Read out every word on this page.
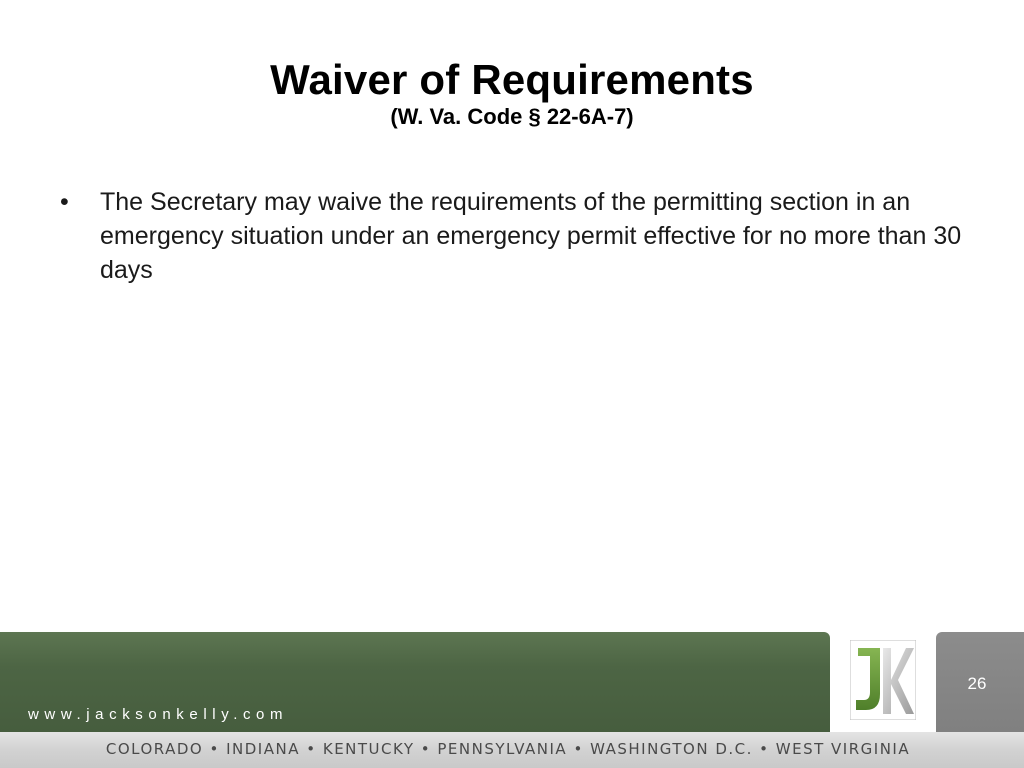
Waiver of Requirements
(W. Va. Code § 22-6A-7)
• The Secretary may waive the requirements of the permitting section in an emergency situation under an emergency permit effective for no more than 30 days
www.jacksonkelly.com
26
COLORADO • INDIANA • KENTUCKY • PENNSYLVANIA • WASHINGTON D.C. • WEST VIRGINIA
